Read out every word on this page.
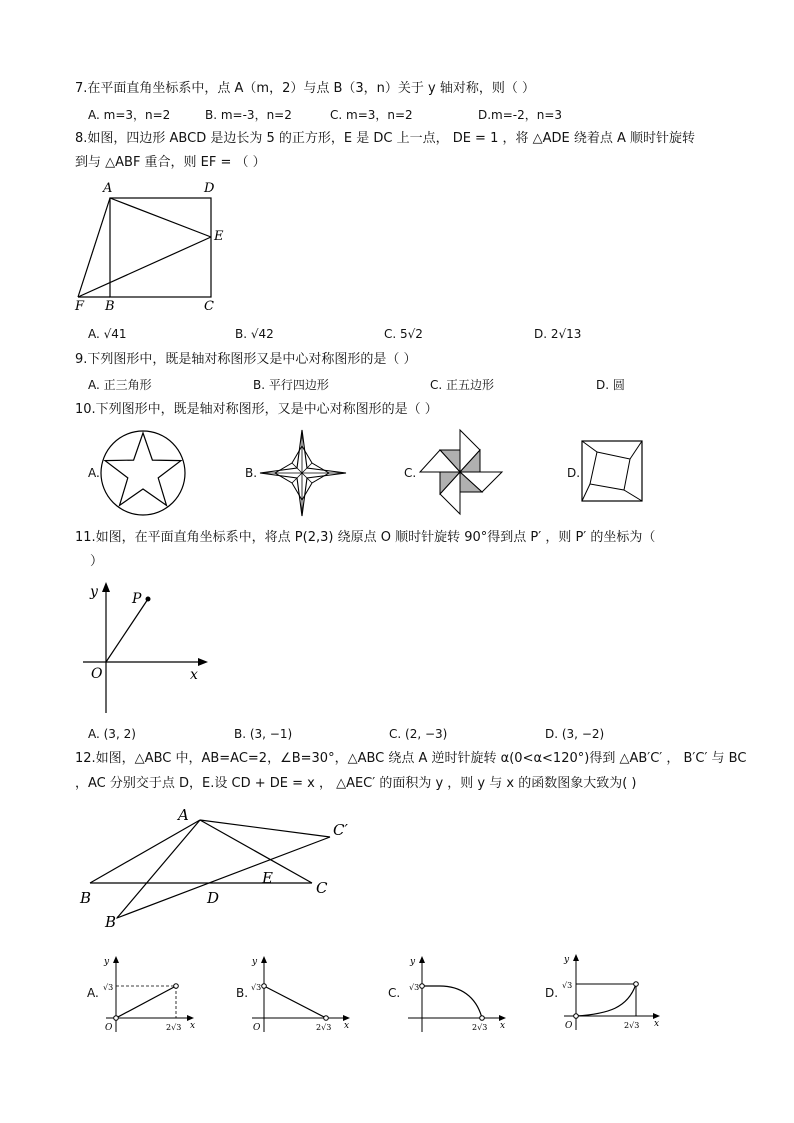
7.在平面直角坐标系中，点 A（m，2）与点 B（3，n）关于 y 轴对称，则（ ）
A. m=3，n=2	B. m=-3，n=2	C. m=3，n=2	D.m=-2，n=3
8.如图，四边形 ABCD 是边长为 5 的正方形，E 是 DC 上一点， DE = 1 ，将 △ADE 绕着点 A 顺时针旋转
到与 △ABF 重合，则 EF = （ ）
A	D
E
F B	C
A. √41	B. √42	C. 5√2	D. 2√13
9.下列图形中，既是轴对称图形又是中心对称图形的是（ ）
A. 正三角形	B. 平行四边形	C. 正五边形	D. 圆
10.下列图形中，既是轴对称图形，又是中心对称图形的是（ ）
A.	B.	C.	D.
11.如图，在平面直角坐标系中，将点 P(2,3) 绕原点 O 顺时针旋转 90°得到点 P′ ，则 P′ 的坐标为（
）
y
x
O
P
A. (3, 2)	B. (3, −1)	C. (2, −3)	D. (3, −2)
12.如图，△ABC 中，AB=AC=2，∠B=30°，△ABC 绕点 A 逆时针旋转 α(0<α<120°)得到 △AB′C′ ， B′C′ 与 BC
，AC 分别交于点 D，E.设 CD + DE = x ， △AEC′ 的面积为 y ，则 y 与 x 的函数图象大致为( )
A
B
C
D
E
B′
C′
A.
y
√3
O	2√3 x
B.
y
√3
O	2√3 x
C.
y
√3
2√3 x
D.
y
√3
O	2√3 x
